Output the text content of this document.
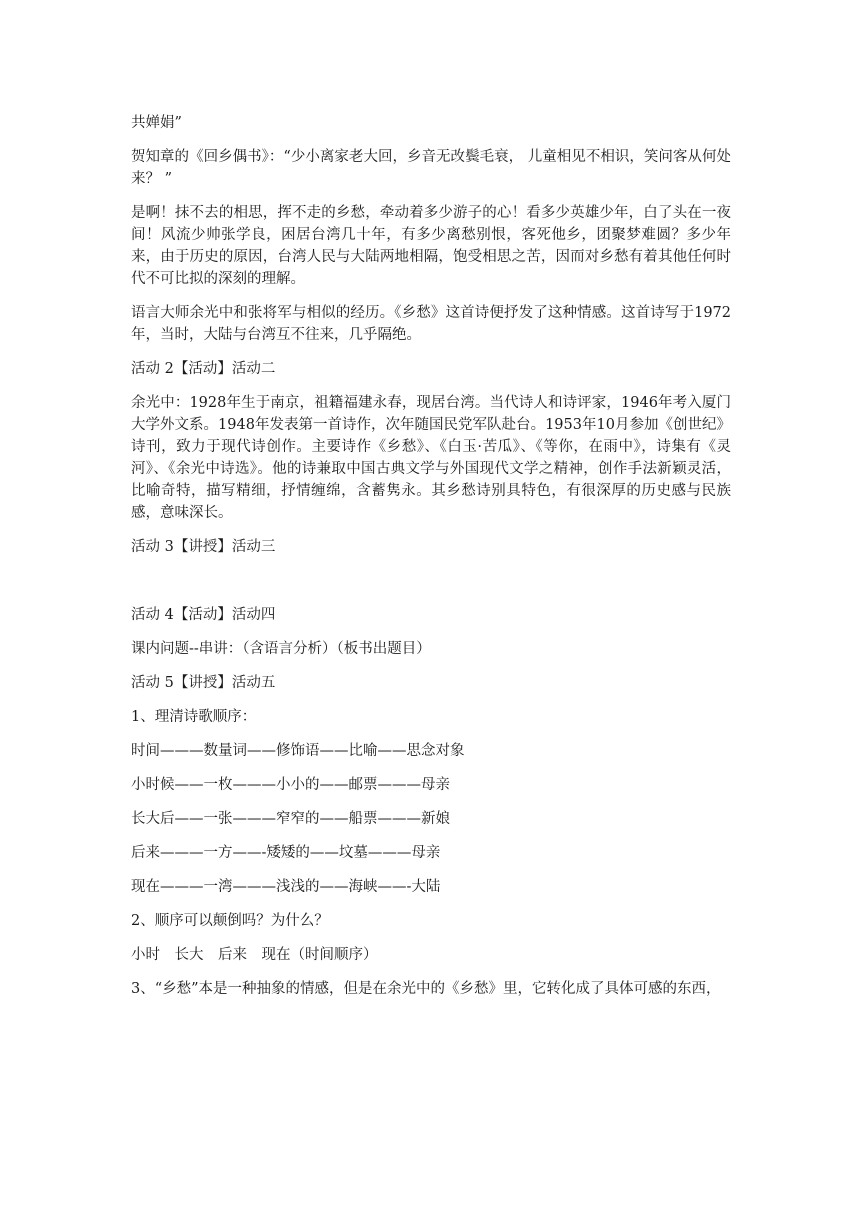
共婵娟”

贺知章的《回乡偶书》：“少小离家老大回，乡音无改鬓毛衰， 儿童相见不相识，笑问客从何处来？ ”

是啊！抹不去的相思，挥不走的乡愁，牵动着多少游子的心！看多少英雄少年，白了头在一夜间！风流少帅张学良，困居台湾几十年，有多少离愁别恨，客死他乡，团聚梦难圆？多少年来，由于历史的原因，台湾人民与大陆两地相隔，饱受相思之苦，因而对乡愁有着其他任何时代不可比拟的深刻的理解。

语言大师余光中和张将军与相似的经历。《乡愁》这首诗便抒发了这种情感。这首诗写于1972年，当时，大陆与台湾互不往来，几乎隔绝。

活动 2【活动】活动二

余光中：1928年生于南京，祖籍福建永春，现居台湾。当代诗人和诗评家，1946年考入厦门大学外文系。1948年发表第一首诗作，次年随国民党军队赴台。1953年10月参加《创世纪》诗刊，致力于现代诗创作。主要诗作《乡愁》、《白玉·苦瓜》、《等你，在雨中》，诗集有《灵河》、《余光中诗选》。他的诗兼取中国古典文学与外国现代文学之精神，创作手法新颖灵活，比喻奇特，描写精细，抒情缠绵，含蓄隽永。其乡愁诗别具特色，有很深厚的历史感与民族感，意味深长。

活动 3【讲授】活动三

活动 4【活动】活动四

课内问题--串讲：（含语言分析）（板书出题目）

活动 5【讲授】活动五

1、理清诗歌顺序：

时间———数量词——修饰语——比喻——思念对象

小时候——一枚———小小的——邮票———母亲

长大后——一张———窄窄的——船票———新娘

后来———一方——-矮矮的——坟墓———母亲

现在———一湾———浅浅的——海峡——-大陆

2、顺序可以颠倒吗？为什么？

小时　长大　后来　现在（时间顺序）

3、“乡愁”本是一种抽象的情感，但是在余光中的《乡愁》里，它转化成了具体可感的东西，
